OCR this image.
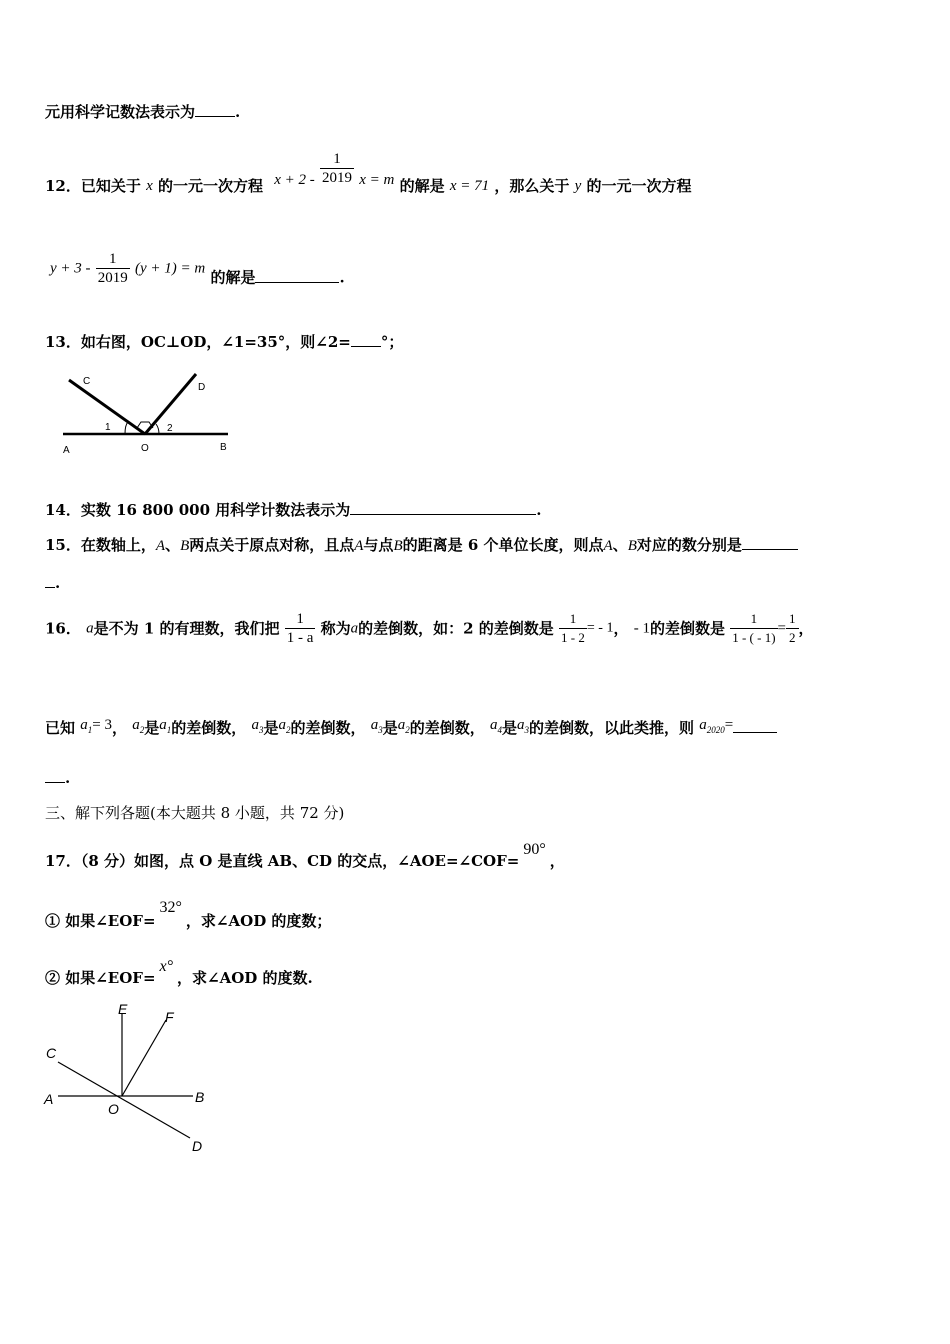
元用科学记数法表示为	.
12．已知关于 x 的一元一次方程 $x + 2 - \frac{1}{2019}$ x = m 的解是 x = 71 ，那么关于 y 的一元一次方程
$y + 3 - \frac{1}{2019} (y + 1) = m$ 的解是	.
13．如右图，OC⊥OD，∠1=35°，则∠2= °；
C
D
A	O	B
1	2
14．实数 16 800 000 用科学计数法表示为	.
15．在数轴上，A、B两点关于原点对称，且点A与点B的距离是 6 个单位长度，则点A、B对应的数分别是
.
16． a是不为 1 的有理数，我们把 $\frac{1}{1 - a}$ 称为a的差倒数，如：2 的差倒数是 $\frac{1}{1 - 2}$ = - 1， - 1的差倒数是 $\frac{1}{1 - ( - 1)} = \frac{1}{2}$ ，
已知 $a_1= 3$， $a_2$是$a_1$的差倒数， $a_3$是$a_2$的差倒数， $a_3$是$a_2$的差倒数， $a_4$是$a_3$的差倒数，以此类推，则 $a_{2020}=$
.
三、解下列各题(本大题共 8 小题，共 72 分)
17．（8 分）如图，点 O 是直线 AB、CD 的交点，∠AOE=∠COF=90°，
① 如果∠EOF=32°，求∠AOD 的度数；
② 如果∠EOF=x°，求∠AOD 的度数.
E	F
C
A
O
B
D
